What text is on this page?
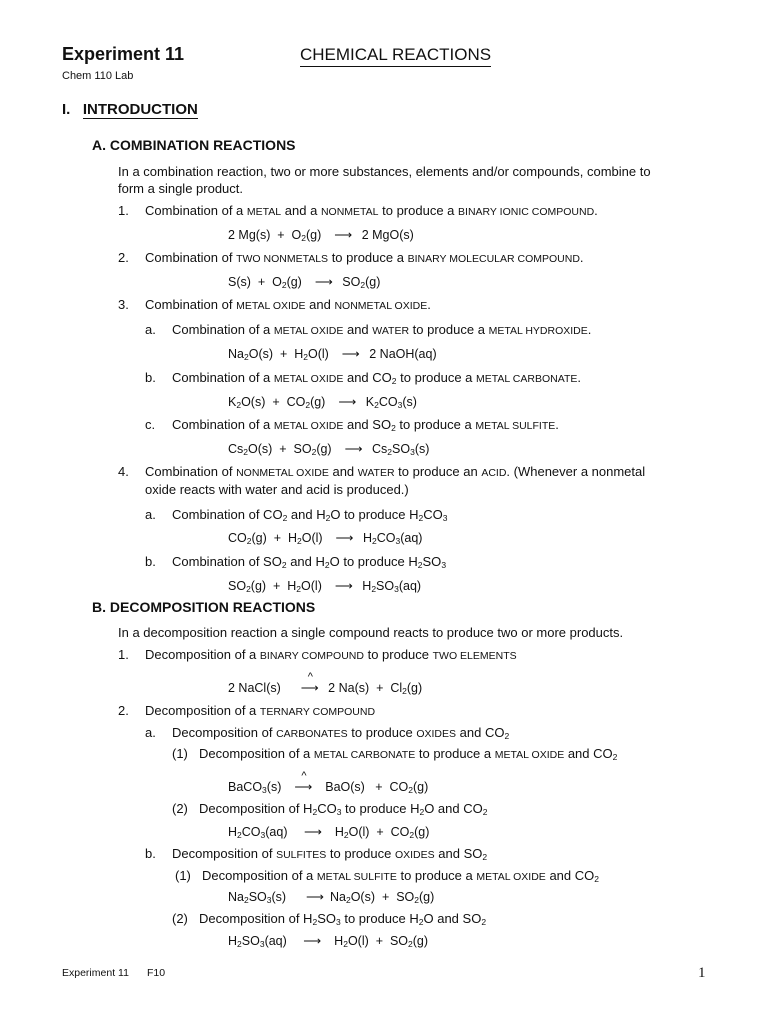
Experiment 11
Chem 110 Lab
CHEMICAL REACTIONS
I. INTRODUCTION
A. COMBINATION REACTIONS
In a combination reaction, two or more substances, elements and/or compounds, combine to
form a single product.
1. Combination of a METAL and a NONMETAL to produce a BINARY IONIC COMPOUND.
2 $Mg(s) + O_2(g)$  ⟶ 2 MgO(s)
2. Combination of TWO NONMETALS to produce a BINARY MOLECULAR COMPOUND.
$S(s) + O_2(g)$  ⟶ $SO_2(g)$
3. Combination of METAL OXIDE and NONMETAL OXIDE.
a. Combination of a METAL OXIDE and WATER to produce a METAL HYDROXIDE.
$Na_2O(s) + H_2O(l)$  ⟶ 2 NaOH(aq)
b. Combination of a METAL OXIDE and $CO_2$ to produce a METAL CARBONATE.
$K_2O(s) + CO_2(g)$  ⟶ $K_2CO_3(s)$
c. Combination of a METAL OXIDE and $SO_2$ to produce a METAL SULFITE.
$Cs_2O(s) + SO_2(g)$  ⟶ $Cs_2SO_3(s)$
4. Combination of NONMETAL OXIDE and WATER to produce an ACID. (Whenever a nonmetal
oxide reacts with water and acid is produced.)
a. Combination of $CO_2$ and $H_2O$ to produce $H_2CO_3$
$CO_2(g) + H_2O(l)$  ⟶ $H_2CO_3(aq)$
b. Combination of $SO_2$ and $H_2O$ to produce $H_2SO_3$
$SO_2(g) + H_2O(l)$  ⟶ $H_2SO_3(aq)$
B. DECOMPOSITION REACTIONS
In a decomposition reaction a single compound reacts to produce two or more products.
1. Decomposition of a BINARY COMPOUND to produce TWO ELEMENTS
2 NaCl(s)    ^ ⟶ 2 $Na(s) + Cl_2(g)$
2. Decomposition of a TERNARY COMPOUND
a. Decomposition of CARBONATES to produce OXIDES and $CO_2$
(1) Decomposition of a METAL CARBONATE to produce a METAL OXIDE and $CO_2$
BaCO$_3$(s)  ^ ⟶  $BaO(s) + CO_2(g)$
(2) Decomposition of $H_2CO_3$ to produce $H_2O$ and $CO_2$
$H_2CO_3(aq)$   ⟶  $H_2O(l) + CO_2(g)$
b. Decomposition of SULFITES to produce OXIDES and $SO_2$
(1) Decomposition of a METAL SULFITE to produce a METAL OXIDE and $CO_2$
$Na_2SO_3(s)$    ⟶ $Na_2O(s) + SO_2(g)$
(2) Decomposition of $H_2SO_3$ to produce $H_2O$ and $SO_2$
$H_2SO_3(aq)$   ⟶  $H_2O(l) + SO_2(g)$
Experiment 11 F10	1
